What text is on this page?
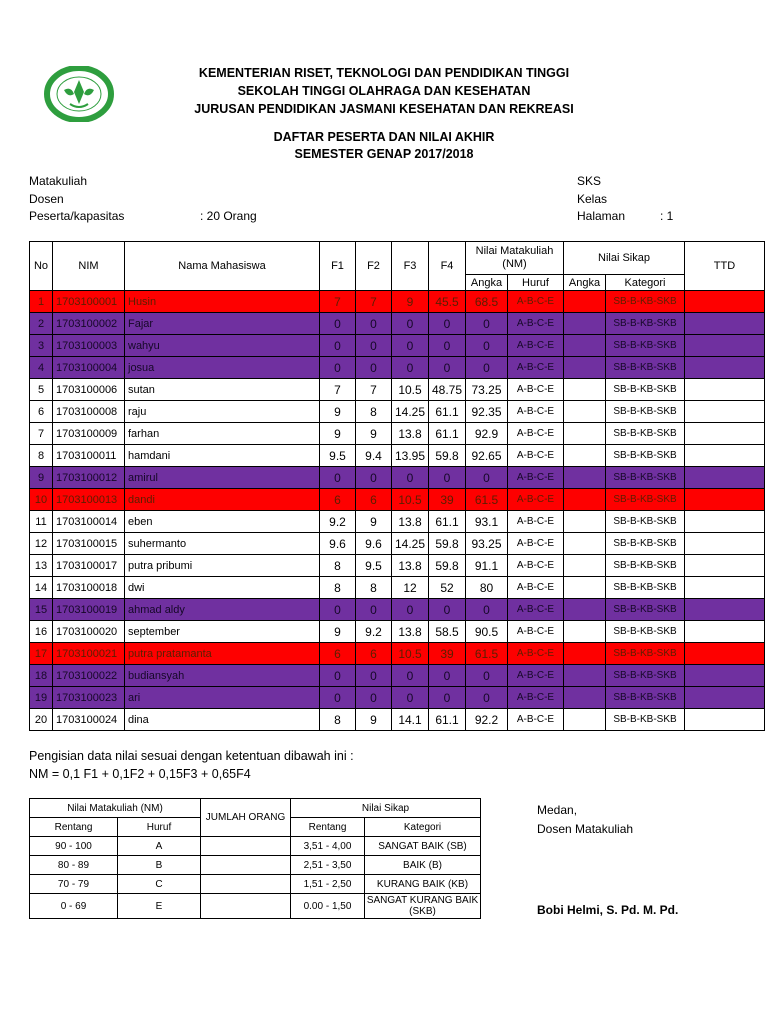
KEMENTERIAN RISET, TEKNOLOGI DAN PENDIDIKAN TINGGI
SEKOLAH TINGGI OLAHRAGA DAN KESEHATAN
JURUSAN PENDIDIKAN JASMANI KESEHATAN DAN REKREASI
DAFTAR PESERTA DAN NILAI AKHIR
SEMESTER GENAP 2017/2018
Matakuliah
Dosen
Peserta/kapasitas	: 20 Orang
SKS
Kelas
Halaman	: 1
No	NIM	Nama Mahasiswa	F1	F2	F3	F4	Nilai Matakuliah (NM)		Nilai Sikap		TTD
							Angka	Huruf	Angka	Kategori	
1	1703100001	Husin	7	7	9	45.5	68.5	A-B-C-E		SB-B-KB-SKB	
2	1703100002	Fajar	0	0	0	0	0	A-B-C-E		SB-B-KB-SKB	
3	1703100003	wahyu	0	0	0	0	0	A-B-C-E		SB-B-KB-SKB	
4	1703100004	josua	0	0	0	0	0	A-B-C-E		SB-B-KB-SKB	
5	1703100006	sutan	7	7	10.5	48.75	73.25	A-B-C-E		SB-B-KB-SKB	
6	1703100008	raju	9	8	14.25	61.1	92.35	A-B-C-E		SB-B-KB-SKB	
7	1703100009	farhan	9	9	13.8	61.1	92.9	A-B-C-E		SB-B-KB-SKB	
8	1703100011	hamdani	9.5	9.4	13.95	59.8	92.65	A-B-C-E		SB-B-KB-SKB	
9	1703100012	amirul	0	0	0	0	0	A-B-C-E		SB-B-KB-SKB	
10	1703100013	dandi	6	6	10.5	39	61.5	A-B-C-E		SB-B-KB-SKB	
11	1703100014	eben	9.2	9	13.8	61.1	93.1	A-B-C-E		SB-B-KB-SKB	
12	1703100015	suhermanto	9.6	9.6	14.25	59.8	93.25	A-B-C-E		SB-B-KB-SKB	
13	1703100017	putra pribumi	8	9.5	13.8	59.8	91.1	A-B-C-E		SB-B-KB-SKB	
14	1703100018	dwi	8	8	12	52	80	A-B-C-E		SB-B-KB-SKB	
15	1703100019	ahmad aldy	0	0	0	0	0	A-B-C-E		SB-B-KB-SKB	
16	1703100020	september	9	9.2	13.8	58.5	90.5	A-B-C-E		SB-B-KB-SKB	
17	1703100021	putra pratamanta	6	6	10.5	39	61.5	A-B-C-E		SB-B-KB-SKB	
18	1703100022	budiansyah	0	0	0	0	0	A-B-C-E		SB-B-KB-SKB	
19	1703100023	ari	0	0	0	0	0	A-B-C-E		SB-B-KB-SKB	
20	1703100024	dina	8	9	14.1	61.1	92.2	A-B-C-E		SB-B-KB-SKB	
Pengisian data nilai sesuai dengan ketentuan dibawah ini :
NM = 0,1 F1 + 0,1F2 + 0,15F3 + 0,65F4
Nilai Matakuliah (NM)		JUMLAH ORANG	Nilai Sikap	
Rentang	Huruf		Rentang	Kategori
90 - 100	A		3,51 - 4,00	SANGAT BAIK (SB)
80 - 89	B		2,51 - 3,50	BAIK (B)
70 - 79	C		1,51 - 2,50	KURANG BAIK (KB)
0 - 69	E		0.00 - 1,50	SANGAT KURANG BAIK (SKB)
Medan,
Dosen Matakuliah
Bobi Helmi, S. Pd. M. Pd.
